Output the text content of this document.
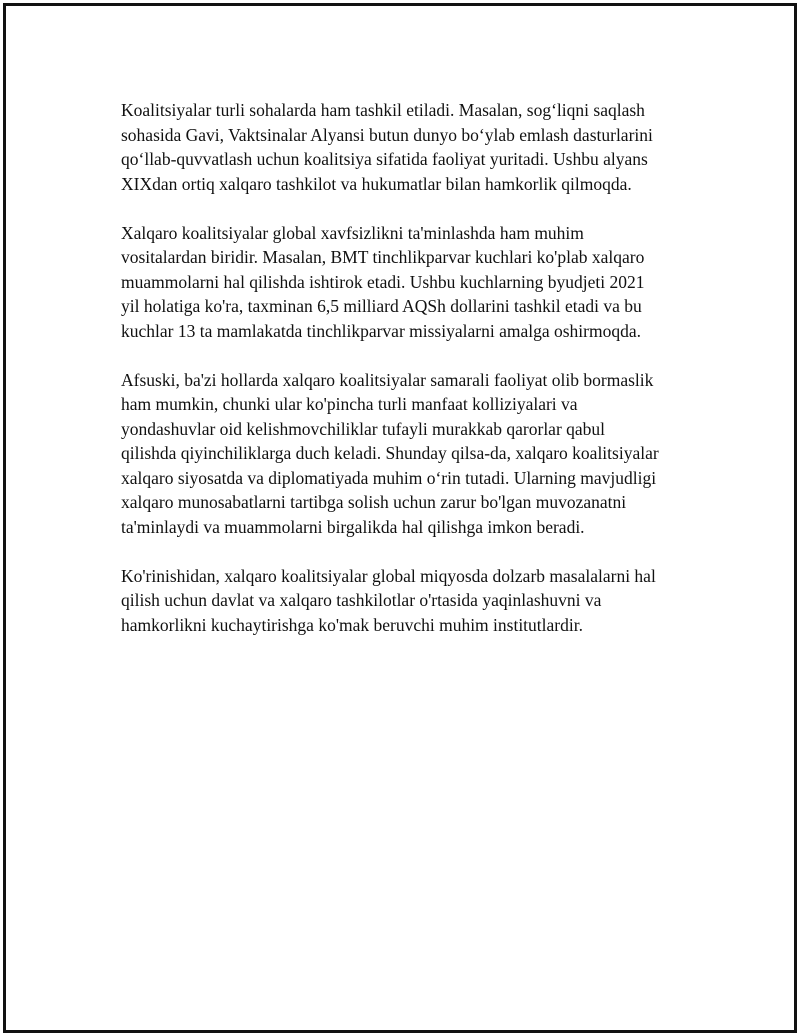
Koalitsiyalar turli sohalarda ham tashkil etiladi. Masalan, sog‘liqni saqlash
sohasida Gavi, Vaktsinalar Alyansi butun dunyo bo‘ylab emlash dasturlarini
qo‘llab-quvvatlash uchun koalitsiya sifatida faoliyat yuritadi. Ushbu alyans
XIXdan ortiq xalqaro tashkilot va hukumatlar bilan hamkorlik qilmoqda.

Xalqaro koalitsiyalar global xavfsizlikni ta'minlashda ham muhim
vositalardan biridir. Masalan, BMT tinchlikparvar kuchlari ko'plab xalqaro
muammolarni hal qilishda ishtirok etadi. Ushbu kuchlarning byudjeti 2021
yil holatiga ko'ra, taxminan 6,5 milliard AQSh dollarini tashkil etadi va bu
kuchlar 13 ta mamlakatda tinchlikparvar missiyalarni amalga oshirmoqda.

Afsuski, ba'zi hollarda xalqaro koalitsiyalar samarali faoliyat olib bormaslik
ham mumkin, chunki ular ko'pincha turli manfaat kolliziyalari va
yondashuvlar oid kelishmovchiliklar tufayli murakkab qarorlar qabul
qilishda qiyinchiliklarga duch keladi. Shunday qilsa-da, xalqaro koalitsiyalar
xalqaro siyosatda va diplomatiyada muhim o‘rin tutadi. Ularning mavjudligi
xalqaro munosabatlarni tartibga solish uchun zarur bo'lgan muvozanatni
ta'minlaydi va muammolarni birgalikda hal qilishga imkon beradi.

Ko'rinishidan, xalqaro koalitsiyalar global miqyosda dolzarb masalalarni hal
qilish uchun davlat va xalqaro tashkilotlar o'rtasida yaqinlashuvni va
hamkorlikni kuchaytirishga ko'mak beruvchi muhim institutlardir.
